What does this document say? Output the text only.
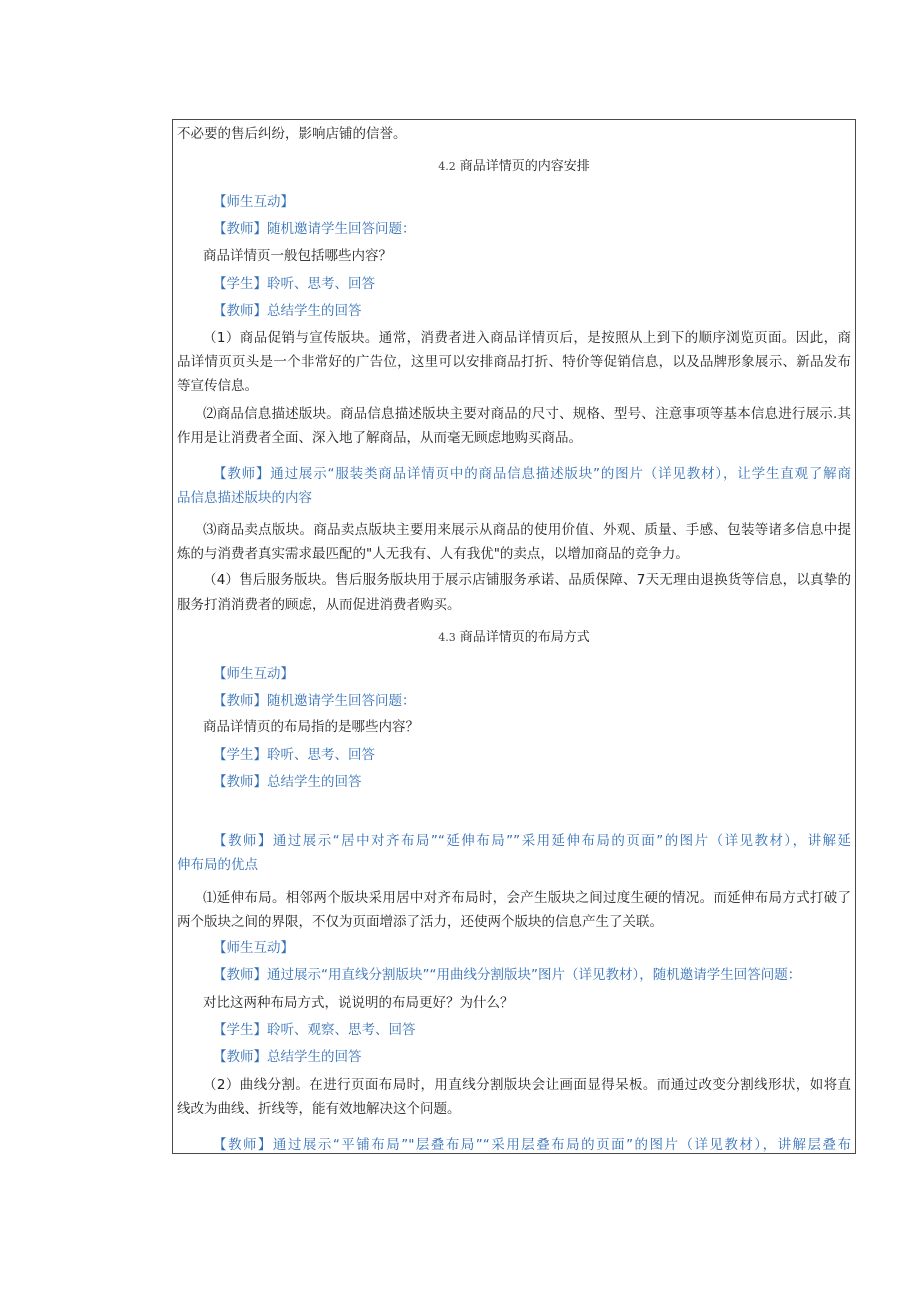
不必要的售后纠纷，影响店铺的信誉。
4.2 商品详情页的内容安排
【师生互动】
【教师】随机邀请学生回答问题：
商品详情页一般包括哪些内容？
【学生】聆听、思考、回答
【教师】总结学生的回答
（1）商品促销与宣传版块。通常，消费者进入商品详情页后，是按照从上到下的顺序浏览页面。因此，商
品详情页页头是一个非常好的广告位，这里可以安排商品打折、特价等促销信息，以及品牌形象展示、新品发布
等宣传信息。
⑵商品信息描述版块。商品信息描述版块主要对商品的尺寸、规格、型号、注意事项等基本信息进行展示.其
作用是让消费者全面、深入地了解商品，从而毫无顾虑地购买商品。
【教师】通过展示“服装类商品详情页中的商品信息描述版块”的图片（详见教材），让学生直观了解商
品信息描述版块的内容
⑶商品卖点版块。商品卖点版块主要用来展示从商品的使用价值、外观、质量、手感、包装等诸多信息中提
炼的与消费者真实需求最匹配的"人无我有、人有我优"的卖点，以增加商品的竞争力。
（4）售后服务版块。售后服务版块用于展示店铺服务承诺、品质保障、7天无理由退换货等信息，以真挚的
服务打消消费者的顾虑，从而促进消费者购买。
4.3 商品详情页的布局方式
【师生互动】
【教师】随机邀请学生回答问题：
商品详情页的布局指的是哪些内容？
【学生】聆听、思考、回答
【教师】总结学生的回答
【教师】通过展示“居中对齐布局”“延伸布局””采用延伸布局的页面”的图片（详见教材），讲解延
伸布局的优点
⑴延伸布局。相邻两个版块采用居中对齐布局时，会产生版块之间过度生硬的情况。而延伸布局方式打破了
两个版块之间的界限，不仅为页面增添了活力，还使两个版块的信息产生了关联。
【师生互动】
【教师】通过展示“用直线分割版块”“用曲线分割版块”图片（详见教材），随机邀请学生回答问题：
对比这两种布局方式，说说明的布局更好？为什么？
【学生】聆听、观察、思考、回答
【教师】总结学生的回答
（2）曲线分割。在进行页面布局时，用直线分割版块会让画面显得呆板。而通过改变分割线形状，如将直
线改为曲线、折线等，能有效地解决这个问题。
【教师】通过展示“平铺布局”"层叠布局”“采用层叠布局的页面”的图片（详见教材），讲解层叠布
